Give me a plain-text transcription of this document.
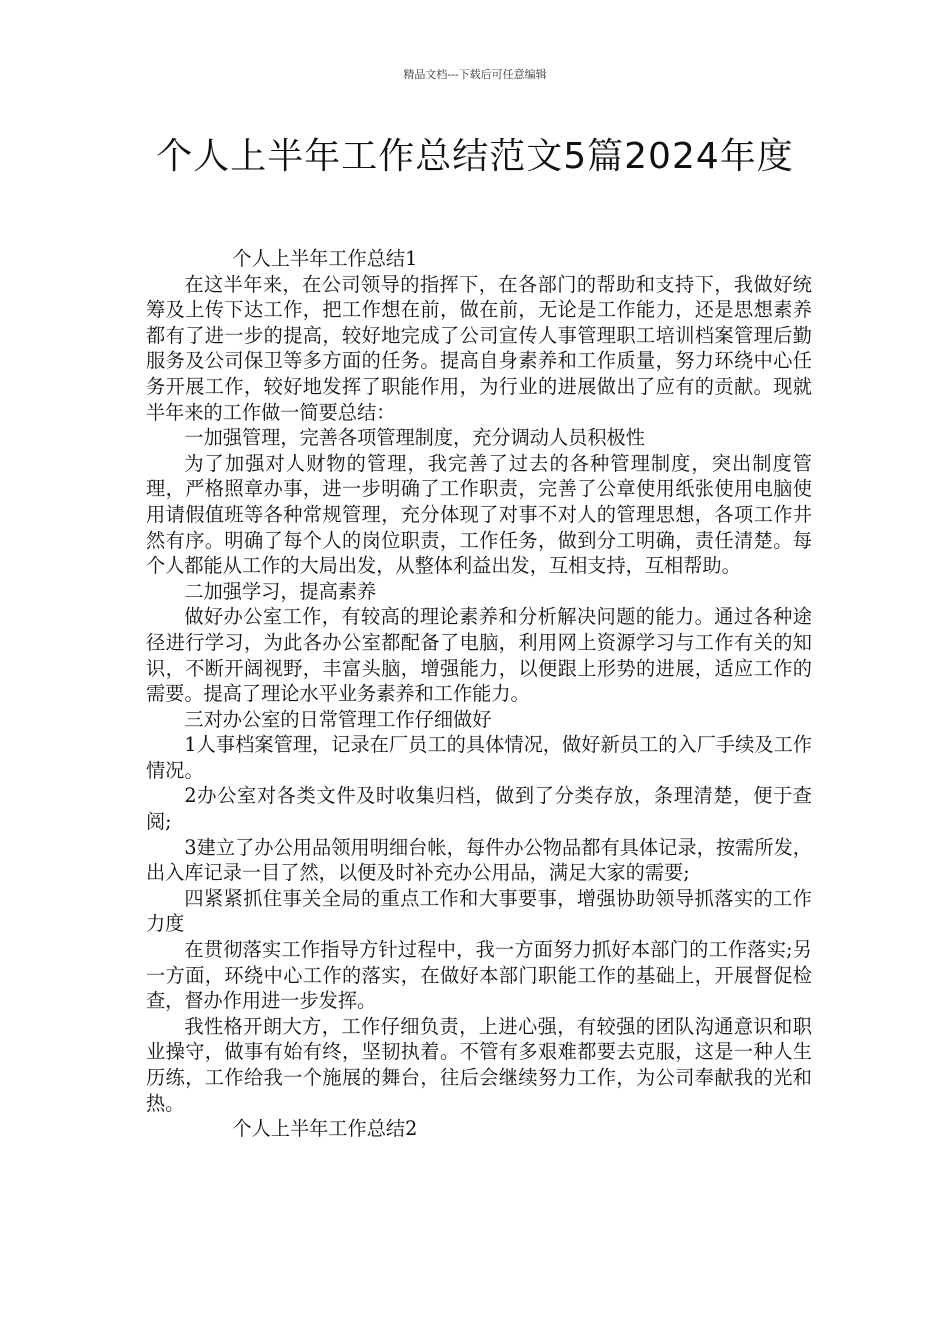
精品文档---下载后可任意编辑
个人上半年工作总结范文5篇2024年度

个人上半年工作总结1

在这半年来，在公司领导的指挥下，在各部门的帮助和支持下，我做好统筹及上传下达工作，把工作想在前，做在前，无论是工作能力，还是思想素养都有了进一步的提高，较好地完成了公司宣传人事管理职工培训档案管理后勤服务及公司保卫等多方面的任务。提高自身素养和工作质量，努力环绕中心任务开展工作，较好地发挥了职能作用，为行业的进展做出了应有的贡献。现就半年来的工作做一简要总结：

一加强管理，完善各项管理制度，充分调动人员积极性

为了加强对人财物的管理，我完善了过去的各种管理制度，突出制度管理，严格照章办事，进一步明确了工作职责，完善了公章使用纸张使用电脑使用请假值班等各种常规管理，充分体现了对事不对人的管理思想，各项工作井然有序。明确了每个人的岗位职责，工作任务，做到分工明确，责任清楚。每个人都能从工作的大局出发，从整体利益出发，互相支持，互相帮助。

二加强学习，提高素养

做好办公室工作，有较高的理论素养和分析解决问题的能力。通过各种途径进行学习，为此各办公室都配备了电脑，利用网上资源学习与工作有关的知识，不断开阔视野，丰富头脑，增强能力，以便跟上形势的进展，适应工作的需要。提高了理论水平业务素养和工作能力。

三对办公室的日常管理工作仔细做好

1人事档案管理，记录在厂员工的具体情况，做好新员工的入厂手续及工作情况。

2办公室对各类文件及时收集归档，做到了分类存放，条理清楚，便于查阅;

3建立了办公用品领用明细台帐，每件办公物品都有具体记录，按需所发，出入库记录一目了然，以便及时补充办公用品，满足大家的需要;

四紧紧抓住事关全局的重点工作和大事要事，增强协助领导抓落实的工作力度

在贯彻落实工作指导方针过程中，我一方面努力抓好本部门的工作落实;另一方面，环绕中心工作的落实，在做好本部门职能工作的基础上，开展督促检查，督办作用进一步发挥。

我性格开朗大方，工作仔细负责，上进心强，有较强的团队沟通意识和职业操守，做事有始有终，坚韧执着。不管有多艰难都要去克服，这是一种人生历练，工作给我一个施展的舞台，往后会继续努力工作，为公司奉献我的光和热。

个人上半年工作总结2
